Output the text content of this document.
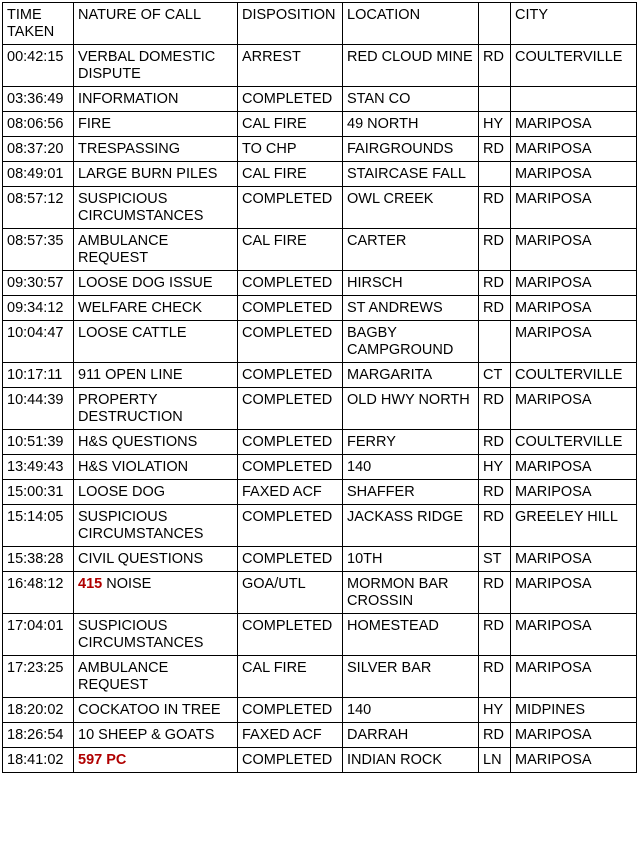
TIME TAKEN	NATURE OF CALL	DISPOSITION	LOCATION		CITY
00:42:15	VERBAL DOMESTIC DISPUTE	ARREST	RED CLOUD MINE	RD	COULTERVILLE
03:36:49	INFORMATION	COMPLETED	STAN CO		
08:06:56	FIRE	CAL FIRE	49 NORTH	HY	MARIPOSA
08:37:20	TRESPASSING	TO CHP	FAIRGROUNDS	RD	MARIPOSA
08:49:01	LARGE BURN PILES	CAL FIRE	STAIRCASE FALL		MARIPOSA
08:57:12	SUSPICIOUS CIRCUMSTANCES	COMPLETED	OWL CREEK	RD	MARIPOSA
08:57:35	AMBULANCE REQUEST	CAL FIRE	CARTER	RD	MARIPOSA
09:30:57	LOOSE DOG ISSUE	COMPLETED	HIRSCH	RD	MARIPOSA
09:34:12	WELFARE CHECK	COMPLETED	ST ANDREWS	RD	MARIPOSA
10:04:47	LOOSE CATTLE	COMPLETED	BAGBY CAMPGROUND		MARIPOSA
10:17:11	911 OPEN LINE	COMPLETED	MARGARITA	CT	COULTERVILLE
10:44:39	PROPERTY DESTRUCTION	COMPLETED	OLD HWY NORTH	RD	MARIPOSA
10:51:39	H&S QUESTIONS	COMPLETED	FERRY	RD	COULTERVILLE
13:49:43	H&S VIOLATION	COMPLETED	140	HY	MARIPOSA
15:00:31	LOOSE DOG	FAXED ACF	SHAFFER	RD	MARIPOSA
15:14:05	SUSPICIOUS CIRCUMSTANCES	COMPLETED	JACKASS RIDGE	RD	GREELEY HILL
15:38:28	CIVIL QUESTIONS	COMPLETED	10TH	ST	MARIPOSA
16:48:12	415 NOISE	GOA/UTL	MORMON BAR CROSSIN	RD	MARIPOSA
17:04:01	SUSPICIOUS CIRCUMSTANCES	COMPLETED	HOMESTEAD	RD	MARIPOSA
17:23:25	AMBULANCE REQUEST	CAL FIRE	SILVER BAR	RD	MARIPOSA
18:20:02	COCKATOO IN TREE	COMPLETED	140	HY	MIDPINES
18:26:54	10 SHEEP & GOATS	FAXED ACF	DARRAH	RD	MARIPOSA
18:41:02	597 PC	COMPLETED	INDIAN ROCK	LN	MARIPOSA
